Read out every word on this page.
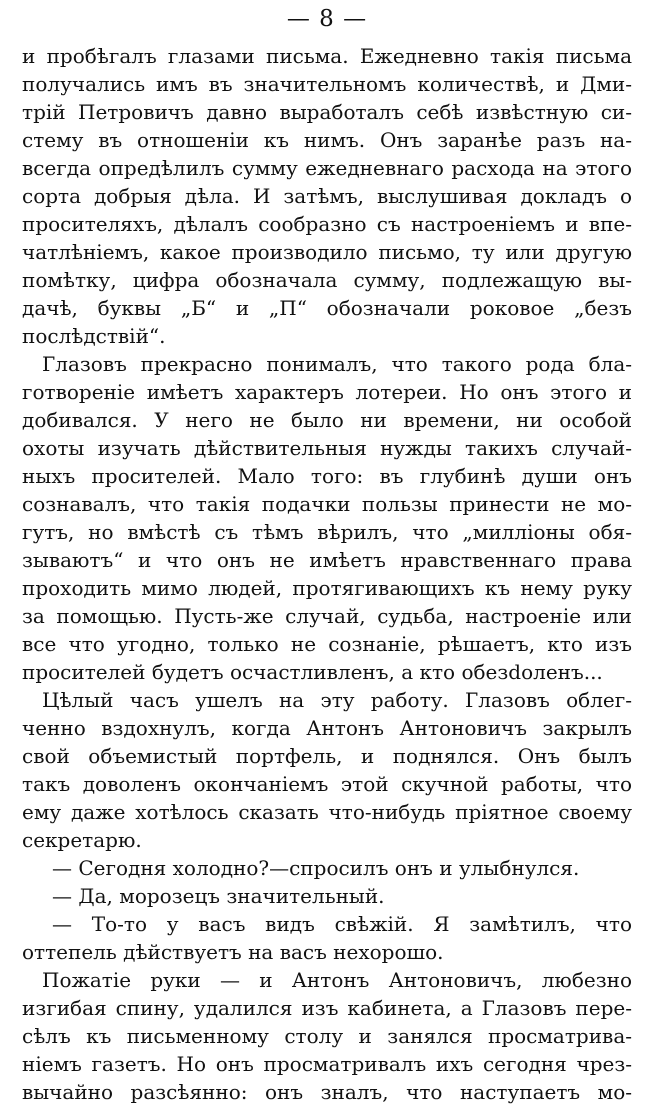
— 8 —
и пробѣгалъ глазами письма. Ежедневно такія письма
получались имъ въ значительномъ количествѣ, и Дми-
трій Петровичъ давно выработалъ себѣ извѣстную си-
стему въ отношеніи къ нимъ. Онъ заранѣе разъ на-
всегда опредѣлилъ сумму ежедневнаго расхода на этого
сорта добрыя дѣла. И затѣмъ, выслушивая докладъ о
просителяхъ, дѣлалъ сообразно съ настроеніемъ и впе-
чатлѣніемъ, какое производило письмо, ту или другую
помѣтку, цифра обозначала сумму, подлежащую вы-
дачѣ, буквы „Б“ и „П“ обозначали роковое „безъ
послѣдствій“.
Глазовъ прекрасно понималъ, что такого рода бла-
готвореніе имѣетъ характеръ лотереи. Но онъ этого и
добивался. У него не было ни времени, ни особой
охоты изучать дѣйствительныя нужды такихъ случай-
ныхъ просителей. Мало того: въ глубинѣ души онъ
сознавалъ, что такія подачки пользы принести не мо-
гутъ, но вмѣстѣ съ тѣмъ вѣрилъ, что „милліоны обя-
зываютъ“ и что онъ не имѣетъ нравственнаго права
проходить мимо людей, протягивающихъ къ нему руку
за помощью. Пусть-же случай, судьба, настроеніе или
все что угодно, только не сознаніе, рѣшаетъ, кто изъ
просителей будетъ осчастливленъ, а кто обезdоленъ...
Цѣлый часъ ушелъ на эту работу. Глазовъ облег-
ченно вздохнулъ, когда Антонъ Антоновичъ закрылъ
свой объемистый портфель, и поднялся. Онъ былъ
такъ доволенъ окончаніемъ этой скучной работы, что
ему даже хотѣлось сказать что-нибудь пріятное своему
секретарю.
— Сегодня холодно?—спросилъ онъ и улыбнулся.
— Да, морозецъ значительный.
— То-то у васъ видъ свѣжій. Я замѣтилъ, что
оттепель дѣйствуетъ на васъ нехорошо.
Пожатіе руки — и Антонъ Антоновичъ, любезно
изгибая спину, удалился изъ кабинета, а Глазовъ пере-
сѣлъ къ письменному столу и занялся просматрива-
ніемъ газетъ. Но онъ просматривалъ ихъ сегодня чрез-
вычайно разсѣянно: онъ зналъ, что наступаетъ мо-
